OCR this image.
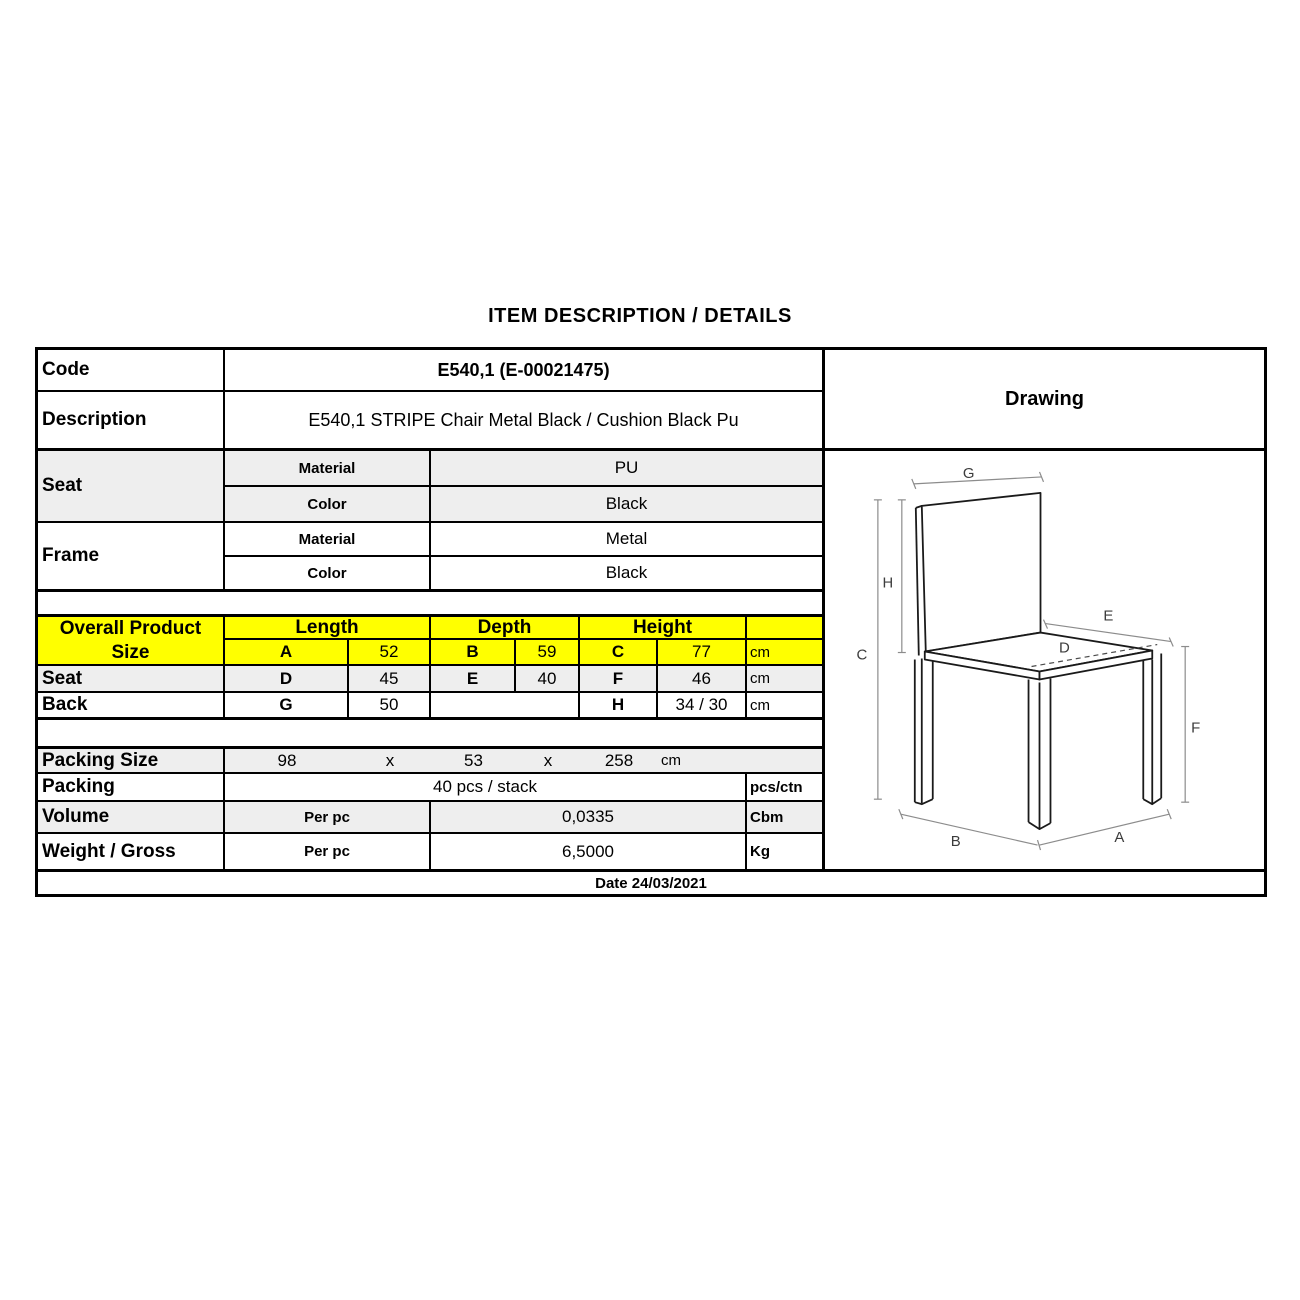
ITEM DESCRIPTION / DETAILS
Code	E540,1 (E-00021475)
Description	E540,1 STRIPE Chair Metal Black / Cushion Black Pu
Seat
Material	PU
Color	Black
Frame
Material	Metal
Color	Black
Overall Product
Size
Length	Depth	Height
A	52	B	59	C	77	cm
Seat	D	45	E	40	F	46	cm
Back	G	50	H	34 / 30	cm
Packing Size	98	x	53	x	258	cm
Packing	40 pcs / stack	pcs/ctn
Volume	Per pc	0,0335	Cbm
Weight / Gross	Per pc	6,5000	Kg
Drawing
G
H
C
E
D
F
B	A
Date 24/03/2021
